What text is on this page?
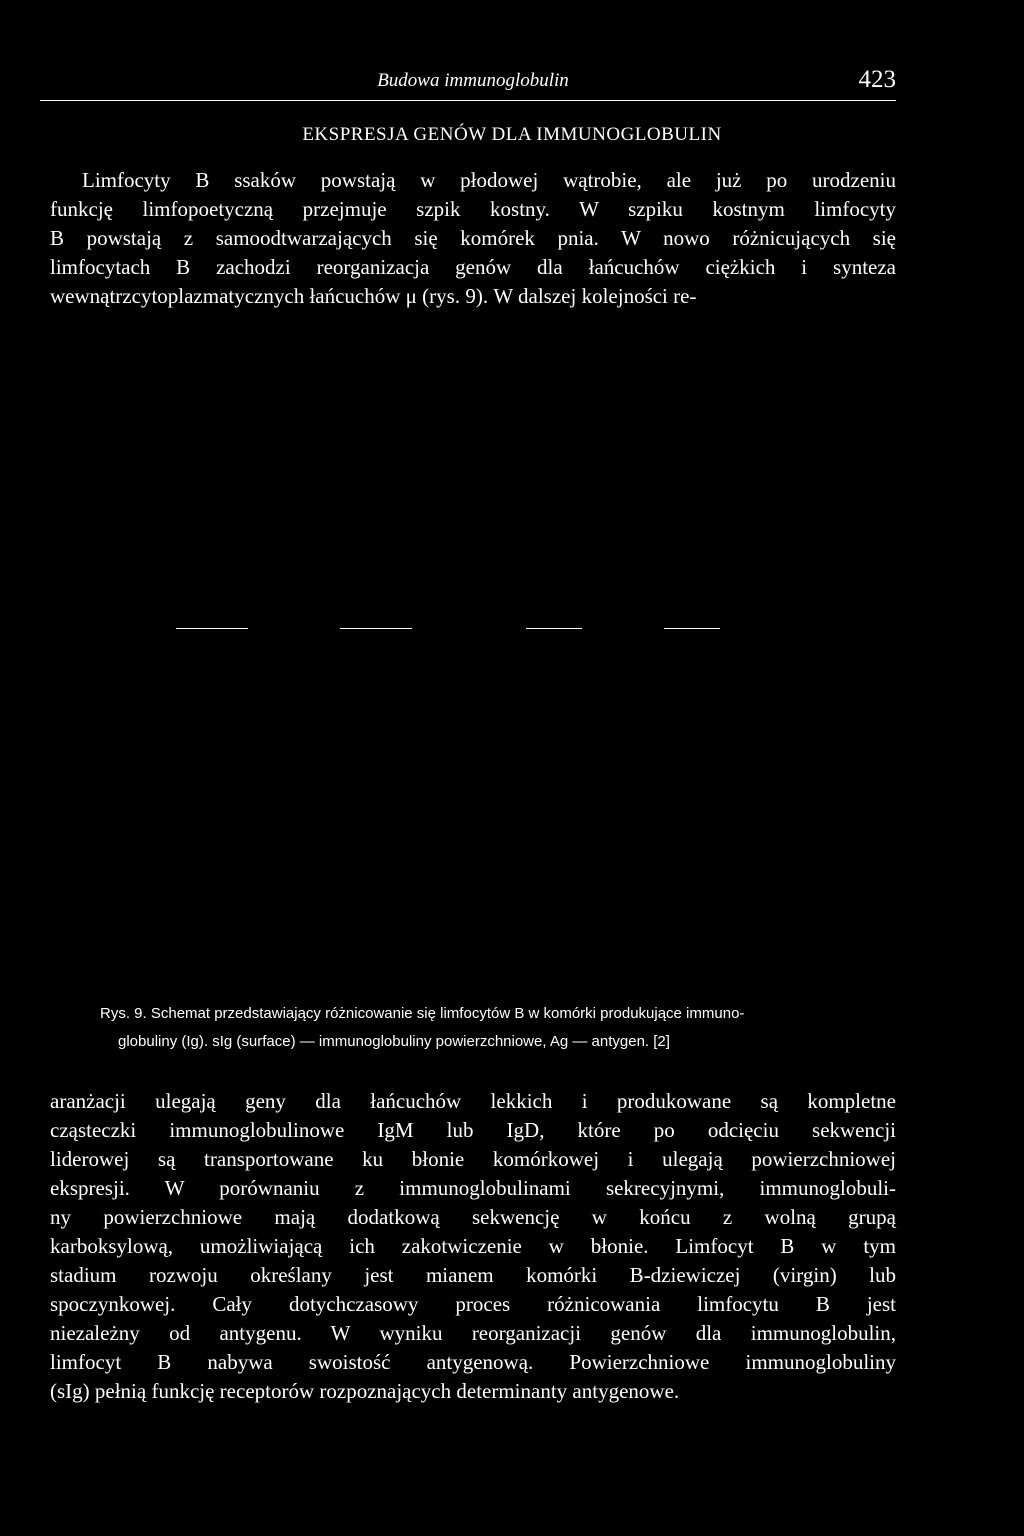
Budowa immunoglobulin	423
EKSPRESJA GENÓW DLA IMMUNOGLOBULIN
Limfocyty B ssaków powstają w płodowej wątrobie, ale już po urodzeniu
funkcję limfopoetyczną przejmuje szpik kostny. W szpiku kostnym limfocyty
B powstają z samoodtwarzających się komórek pnia. W nowo różnicujących się
limfocytach B zachodzi reorganizacja genów dla łańcuchów ciężkich i synteza
wewnątrzcytoplazmatycznych łańcuchów μ (rys. 9). W dalszej kolejności re-
Rys. 9. Schemat przedstawiający różnicowanie się limfocytów B w komórki produkujące immuno-
globuliny (Ig). sIg (surface) — immunoglobuliny powierzchniowe, Ag — antygen. [2]
aranżacji ulegają geny dla łańcuchów lekkich i produkowane są kompletne
cząsteczki immunoglobulinowe IgM lub IgD, które po odcięciu sekwencji
liderowej są transportowane ku błonie komórkowej i ulegają powierzchniowej
ekspresji. W porównaniu z immunoglobulinami sekrecyjnymi, immunoglobuli-
ny powierzchniowe mają dodatkową sekwencję w końcu z wolną grupą
karboksylową, umożliwiającą ich zakotwiczenie w błonie. Limfocyt B w tym
stadium rozwoju określany jest mianem komórki B-dziewiczej (virgin) lub
spoczynkowej. Cały dotychczasowy proces różnicowania limfocytu B jest
niezależny od antygenu. W wyniku reorganizacji genów dla immunoglobulin,
limfocyt B nabywa swoistość antygenową. Powierzchniowe immunoglobuliny
(sIg) pełnią funkcję receptorów rozpoznających determinanty antygenowe.
